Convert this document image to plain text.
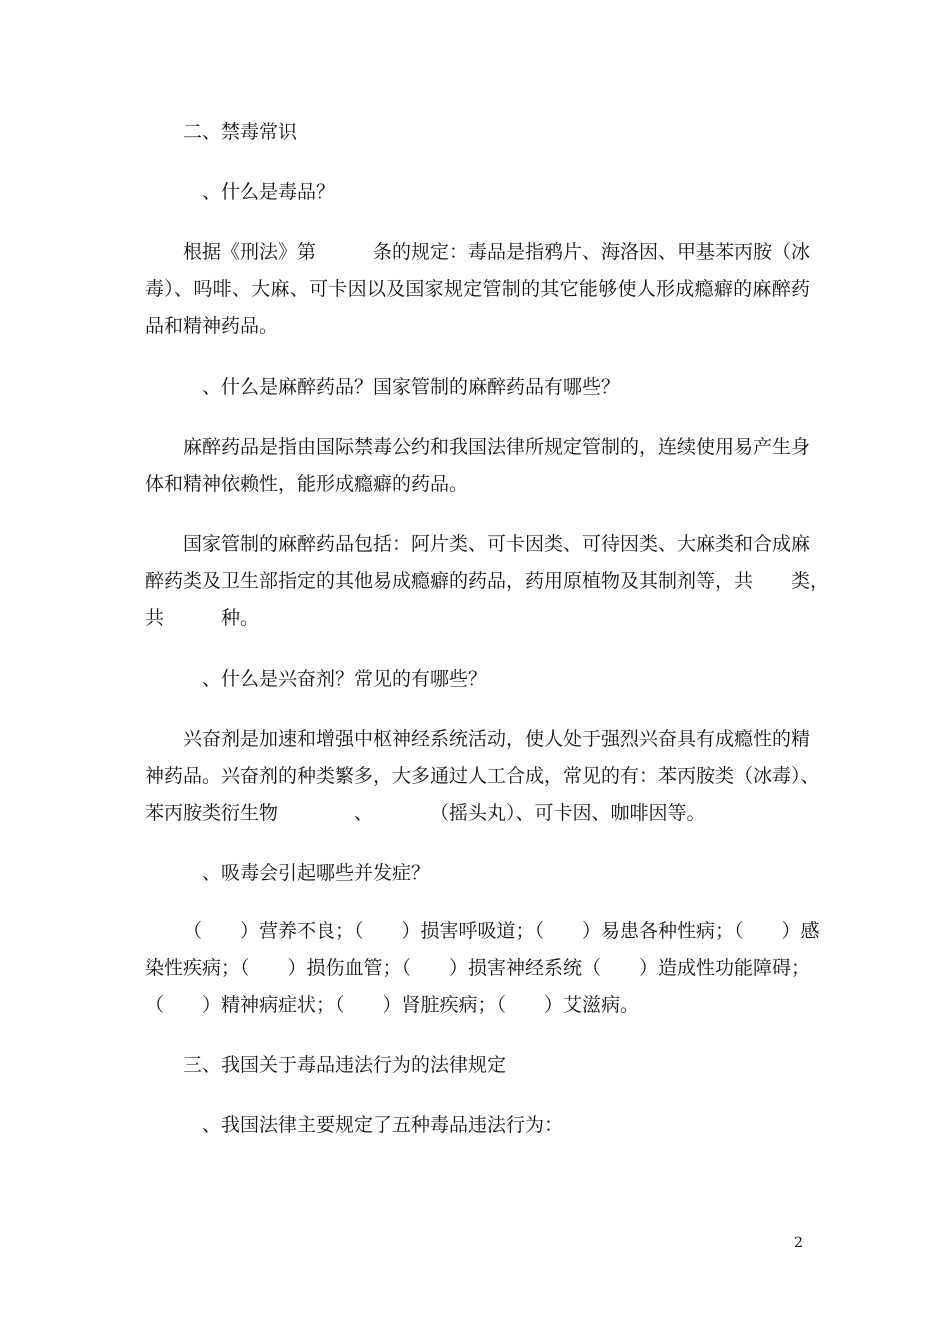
二、禁毒常识
、什么是毒品？
根据《刑法》第　　　条的规定：毒品是指鸦片、海洛因、甲基苯丙胺（冰
毒）、吗啡、大麻、可卡因以及国家规定管制的其它能够使人形成瘾癖的麻醉药
品和精神药品。
、什么是麻醉药品？国家管制的麻醉药品有哪些？
麻醉药品是指由国际禁毒公约和我国法律所规定管制的，连续使用易产生身
体和精神依赖性，能形成瘾癖的药品。
国家管制的麻醉药品包括：阿片类、可卡因类、可待因类、大麻类和合成麻
醉药类及卫生部指定的其他易成瘾癖的药品，药用原植物及其制剂等，共　　类，
共　　　种。
、什么是兴奋剂？常见的有哪些？
兴奋剂是加速和增强中枢神经系统活动，使人处于强烈兴奋具有成瘾性的精
神药品。兴奋剂的种类繁多，大多通过人工合成，常见的有：苯丙胺类（冰毒）、
苯丙胺类衍生物　　　　、　　　　（摇头丸）、可卡因、咖啡因等。
、吸毒会引起哪些并发症？
（　　）营养不良；（　　）损害呼吸道；（　　）易患各种性病；（　　）感
染性疾病；（　　）损伤血管；（　　）损害神经系统（　　）造成性功能障碍；
（　　）精神病症状；（　　）肾脏疾病；（　　）艾滋病。
三、我国关于毒品违法行为的法律规定
、我国法律主要规定了五种毒品违法行为：
2
